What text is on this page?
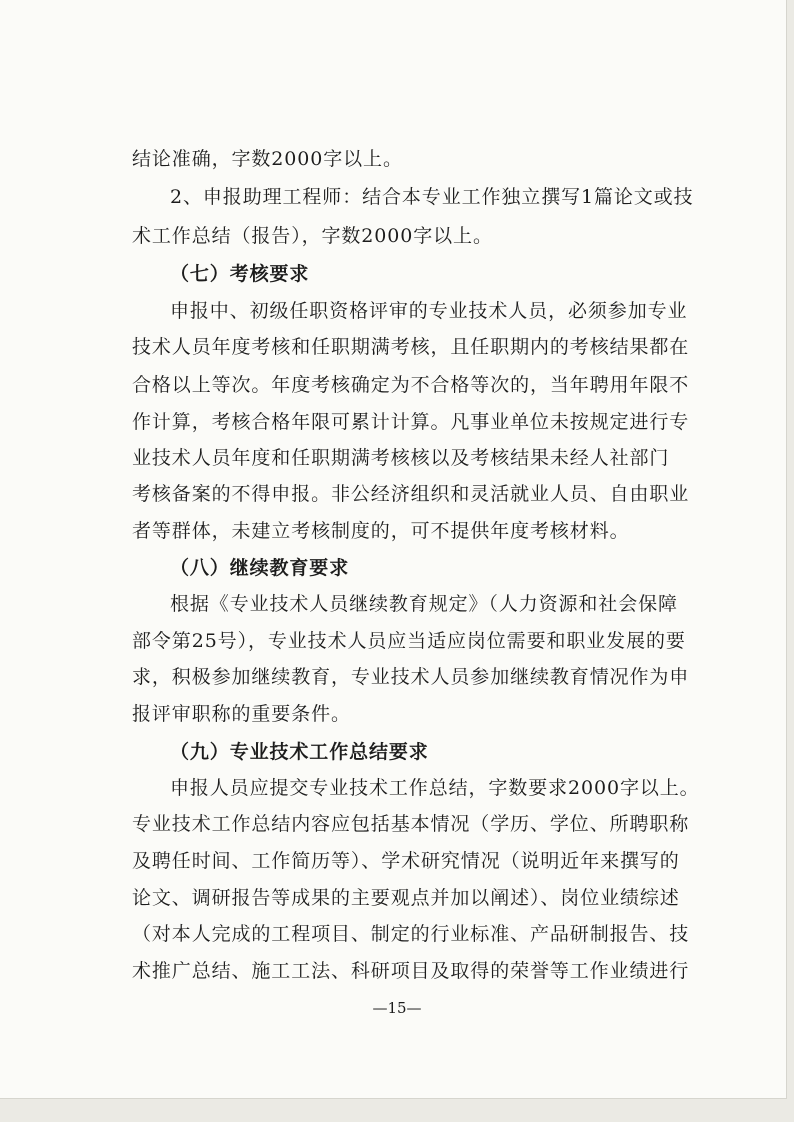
结论准确，字数2000字以上。
2、申报助理工程师：结合本专业工作独立撰写1篇论文或技
术工作总结（报告），字数2000字以上。
（七）考核要求
申报中、初级任职资格评审的专业技术人员，必须参加专业
技术人员年度考核和任职期满考核，且任职期内的考核结果都在
合格以上等次。年度考核确定为不合格等次的，当年聘用年限不
作计算，考核合格年限可累计计算。凡事业单位未按规定进行专
业技术人员年度和任职期满考核核以及考核结果未经人社部门
考核备案的不得申报。非公经济组织和灵活就业人员、自由职业
者等群体，未建立考核制度的，可不提供年度考核材料。
（八）继续教育要求
根据《专业技术人员继续教育规定》（人力资源和社会保障
部令第25号），专业技术人员应当适应岗位需要和职业发展的要
求，积极参加继续教育，专业技术人员参加继续教育情况作为申
报评审职称的重要条件。
（九）专业技术工作总结要求
申报人员应提交专业技术工作总结，字数要求2000字以上。
专业技术工作总结内容应包括基本情况（学历、学位、所聘职称
及聘任时间、工作简历等）、学术研究情况（说明近年来撰写的
论文、调研报告等成果的主要观点并加以阐述）、岗位业绩综述
（对本人完成的工程项目、制定的行业标准、产品研制报告、技
术推广总结、施工工法、科研项目及取得的荣誉等工作业绩进行
—15—
